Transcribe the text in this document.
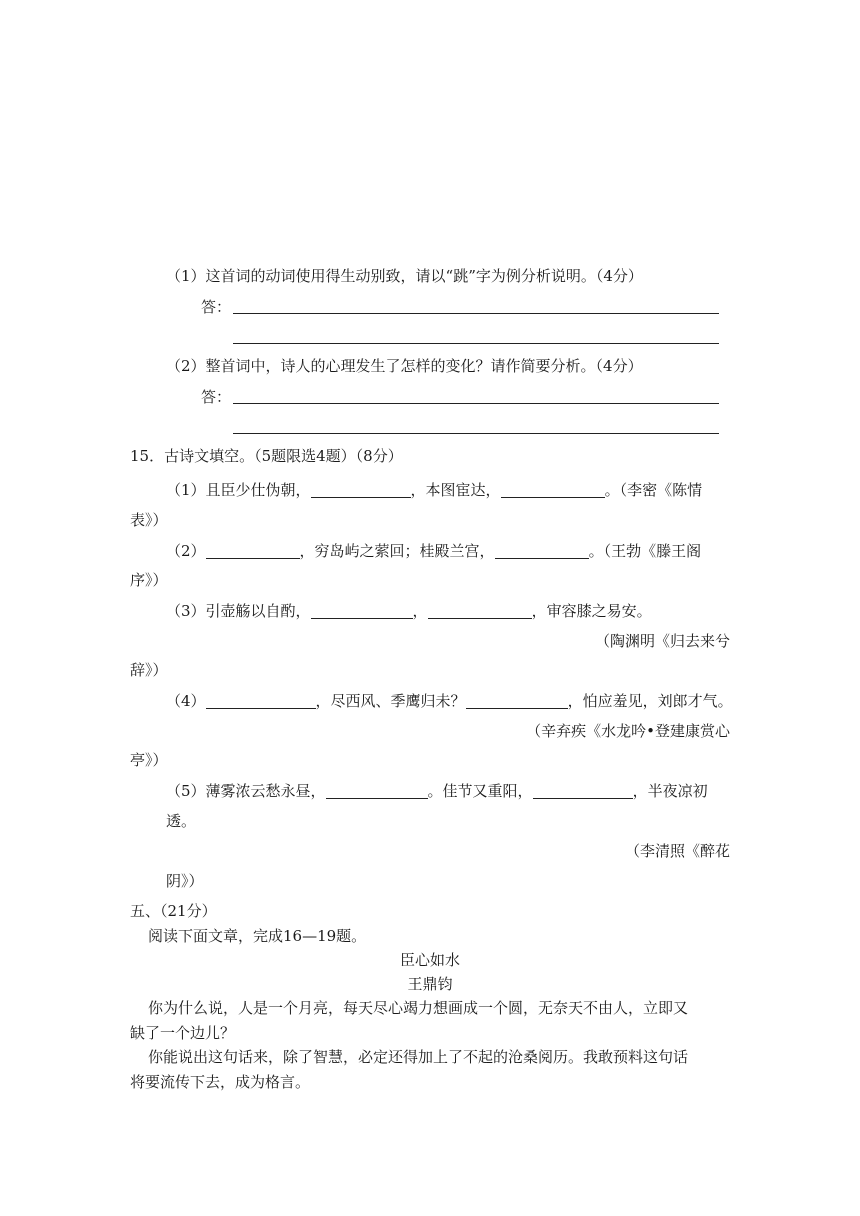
（1）这首词的动词使用得生动别致，请以“跳”字为例分析说明。（4分）
答：
（2）整首词中，诗人的心理发生了怎样的变化？请作简要分析。（4分）
答：
15．古诗文填空。（5题限选4题）（8分）
（1）且臣少仕伪朝，	，本图宦达，	。（李密《陈情
表》）
（2）	，穷岛屿之萦回；桂殿兰宫，	。（王勃《滕王阁
序》）
（3）引壶觞以自酌，	，	，审容膝之易安。
（陶渊明《归去来兮
辞》）
（4）	，尽西风、季鹰归未？	，怕应羞见，刘郎才气。
（辛弃疾《水龙吟•登建康赏心
亭》）
（5）薄雾浓云愁永昼，	。佳节又重阳，	，半夜凉初
透。
（李清照《醉花
阴》）
五、（21分）
阅读下面文章，完成16—19题。
臣心如水
王鼎钧
你为什么说，人是一个月亮，每天尽心竭力想画成一个圆，无奈天不由人，立即又
缺了一个边儿？
你能说出这句话来，除了智慧，必定还得加上了不起的沧桑阅历。我敢预料这句话
将要流传下去，成为格言。
